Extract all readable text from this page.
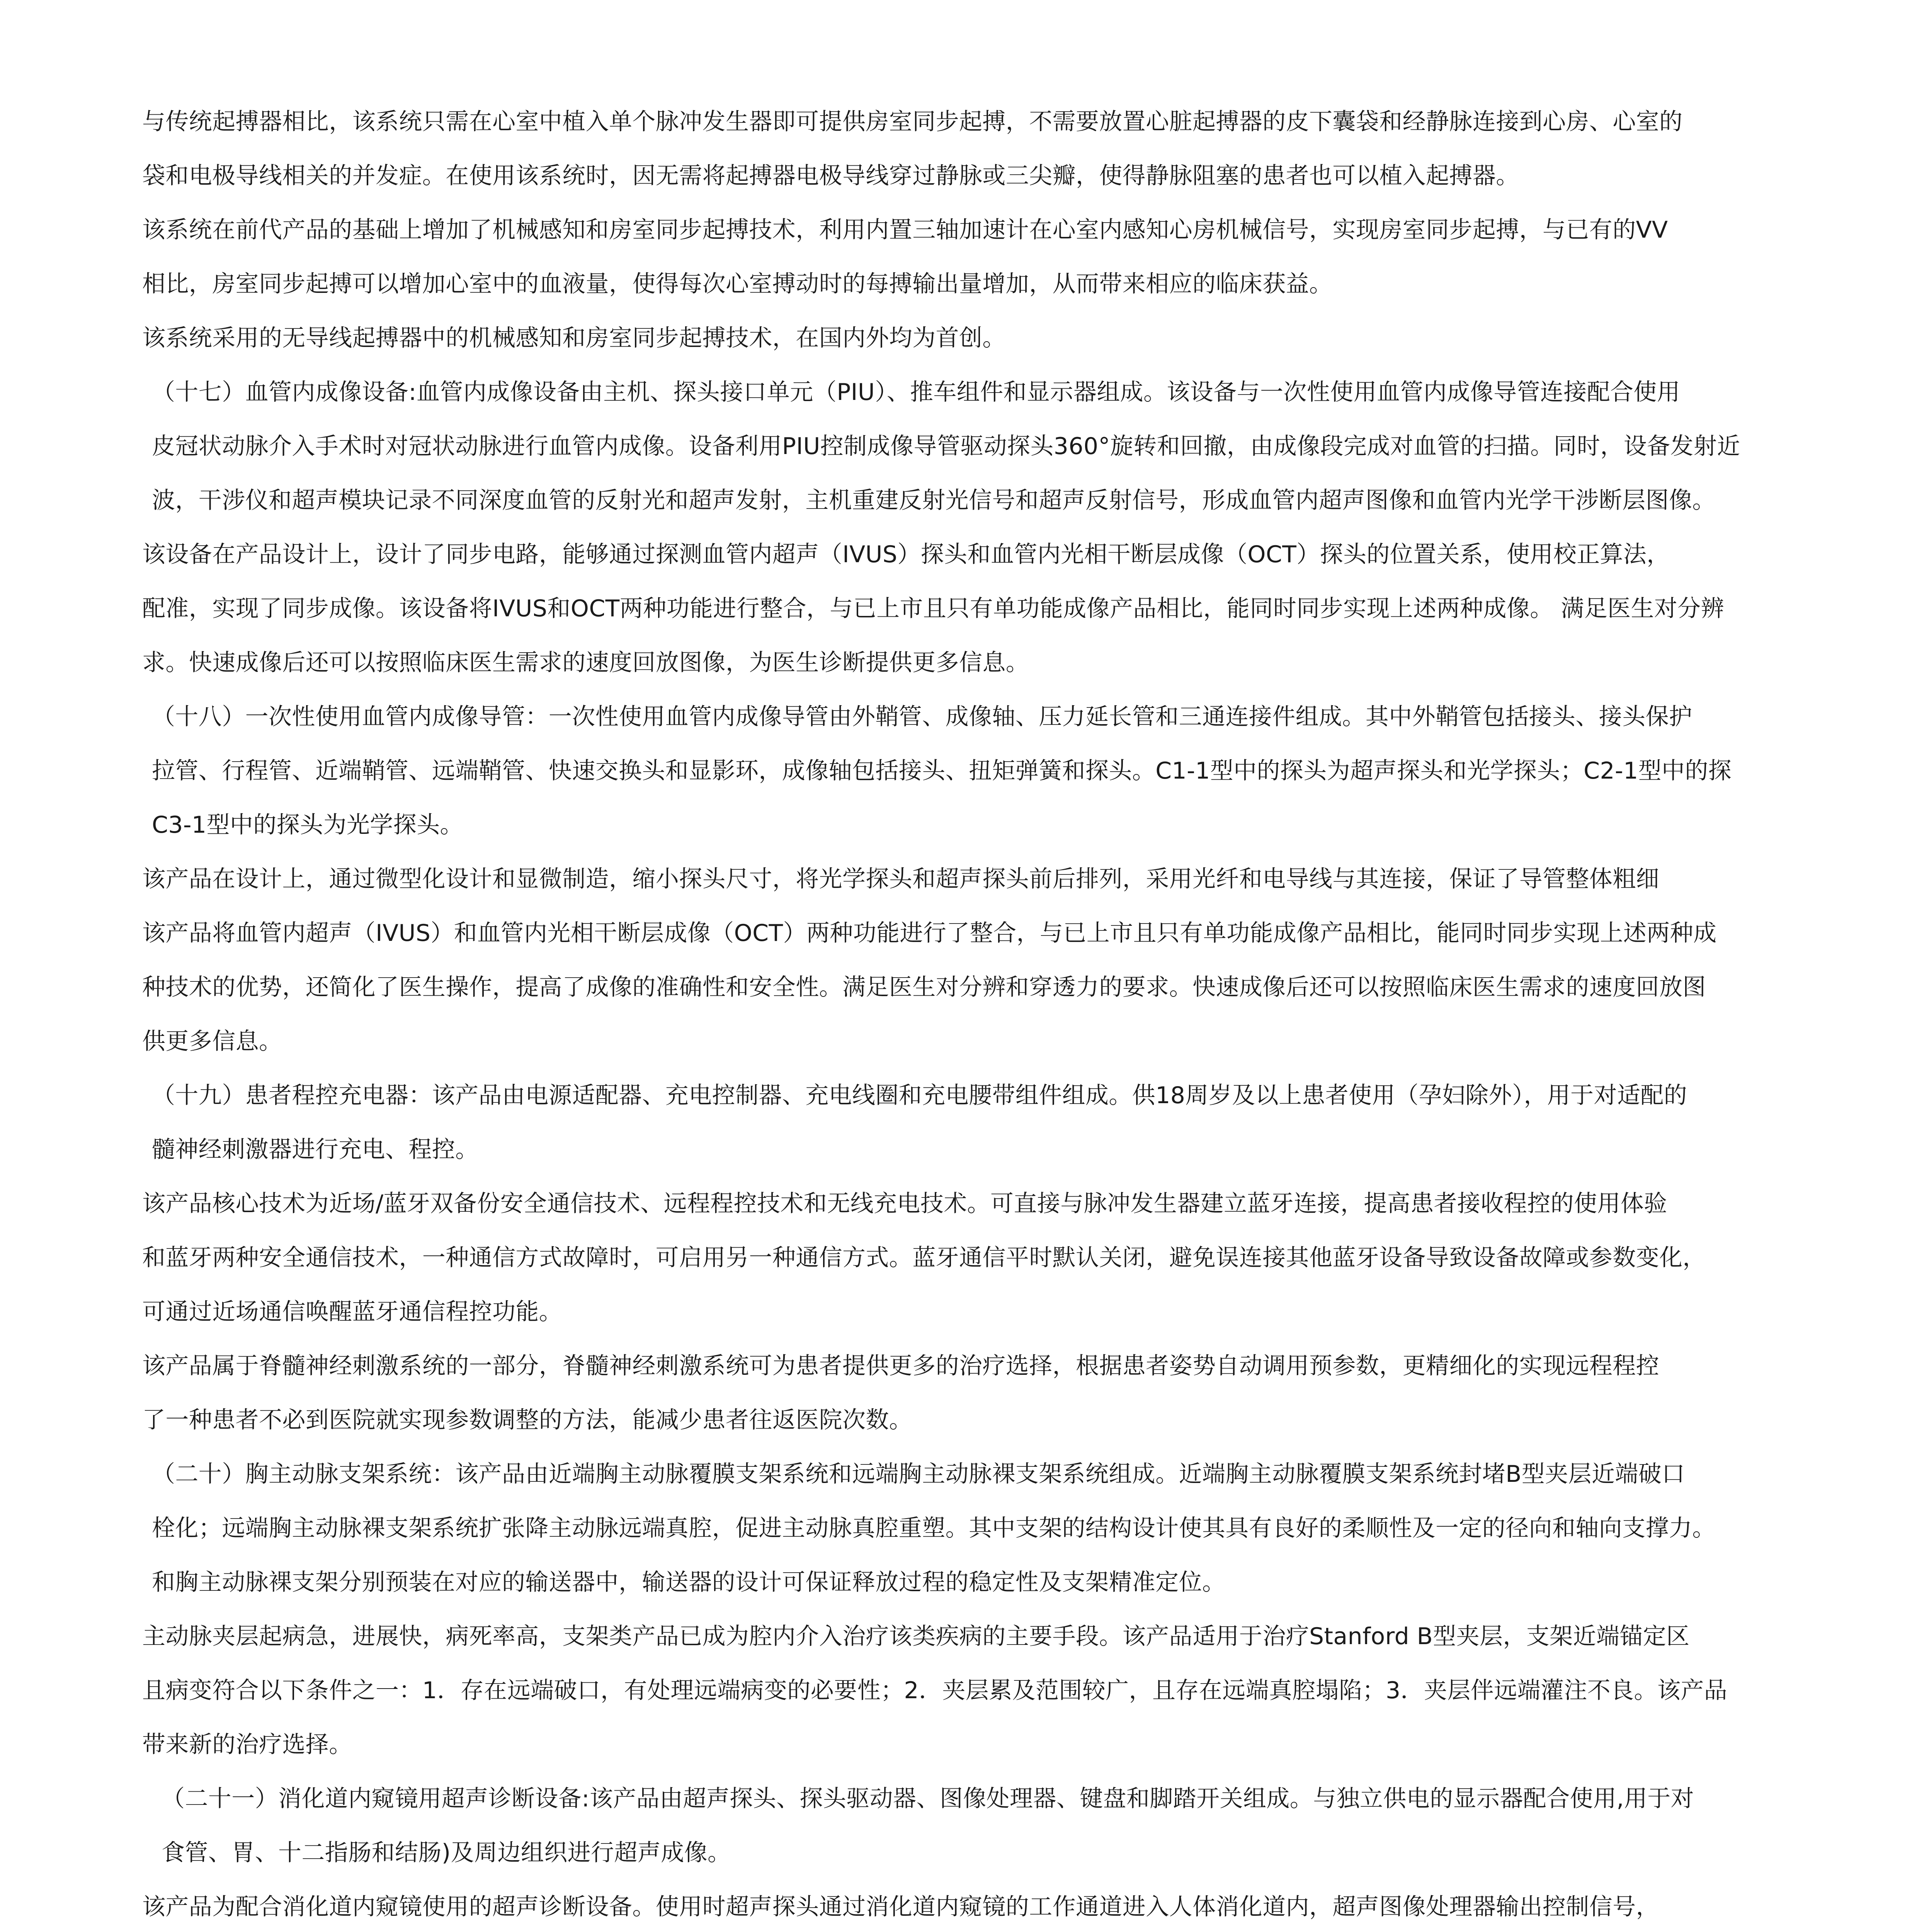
与传统起搏器相比，该系统只需在心室中植入单个脉冲发生器即可提供房室同步起搏，不需要放置心脏起搏器的皮下囊袋和经静脉连接到心房、心室的
袋和电极导线相关的并发症。在使用该系统时，因无需将起搏器电极导线穿过静脉或三尖瓣，使得静脉阻塞的患者也可以植入起搏器。
该系统在前代产品的基础上增加了机械感知和房室同步起搏技术，利用内置三轴加速计在心室内感知心房机械信号，实现房室同步起搏，与已有的VV
相比，房室同步起搏可以增加心室中的血液量，使得每次心室搏动时的每搏输出量增加，从而带来相应的临床获益。
该系统采用的无导线起搏器中的机械感知和房室同步起搏技术，在国内外均为首创。
（十七）血管内成像设备:血管内成像设备由主机、探头接口单元（PIU）、推车组件和显示器组成。该设备与一次性使用血管内成像导管连接配合使用
皮冠状动脉介入手术时对冠状动脉进行血管内成像。设备利用PIU控制成像导管驱动探头360°旋转和回撤，由成像段完成对血管的扫描。同时，设备发射近
波，干涉仪和超声模块记录不同深度血管的反射光和超声发射，主机重建反射光信号和超声反射信号，形成血管内超声图像和血管内光学干涉断层图像。
该设备在产品设计上，设计了同步电路，能够通过探测血管内超声（IVUS）探头和血管内光相干断层成像（OCT）探头的位置关系，使用校正算法，
配准，实现了同步成像。该设备将IVUS和OCT两种功能进行整合，与已上市且只有单功能成像产品相比，能同时同步实现上述两种成像。 满足医生对分辨
求。快速成像后还可以按照临床医生需求的速度回放图像，为医生诊断提供更多信息。
（十八）一次性使用血管内成像导管：一次性使用血管内成像导管由外鞘管、成像轴、压力延长管和三通连接件组成。其中外鞘管包括接头、接头保护
拉管、行程管、近端鞘管、远端鞘管、快速交换头和显影环，成像轴包括接头、扭矩弹簧和探头。C1-1型中的探头为超声探头和光学探头；C2-1型中的探
C3-1型中的探头为光学探头。
该产品在设计上，通过微型化设计和显微制造，缩小探头尺寸，将光学探头和超声探头前后排列，采用光纤和电导线与其连接，保证了导管整体粗细
该产品将血管内超声（IVUS）和血管内光相干断层成像（OCT）两种功能进行了整合，与已上市且只有单功能成像产品相比，能同时同步实现上述两种成
种技术的优势，还简化了医生操作，提高了成像的准确性和安全性。满足医生对分辨和穿透力的要求。快速成像后还可以按照临床医生需求的速度回放图
供更多信息。
（十九）患者程控充电器：该产品由电源适配器、充电控制器、充电线圈和充电腰带组件组成。供18周岁及以上患者使用（孕妇除外），用于对适配的
髓神经刺激器进行充电、程控。
该产品核心技术为近场/蓝牙双备份安全通信技术、远程程控技术和无线充电技术。可直接与脉冲发生器建立蓝牙连接，提高患者接收程控的使用体验
和蓝牙两种安全通信技术，一种通信方式故障时，可启用另一种通信方式。蓝牙通信平时默认关闭，避免误连接其他蓝牙设备导致设备故障或参数变化，
可通过近场通信唤醒蓝牙通信程控功能。
该产品属于脊髓神经刺激系统的一部分，脊髓神经刺激系统可为患者提供更多的治疗选择，根据患者姿势自动调用预参数，更精细化的实现远程程控
了一种患者不必到医院就实现参数调整的方法，能减少患者往返医院次数。
（二十）胸主动脉支架系统：该产品由近端胸主动脉覆膜支架系统和远端胸主动脉裸支架系统组成。近端胸主动脉覆膜支架系统封堵B型夹层近端破口
栓化；远端胸主动脉裸支架系统扩张降主动脉远端真腔，促进主动脉真腔重塑。其中支架的结构设计使其具有良好的柔顺性及一定的径向和轴向支撑力。
和胸主动脉裸支架分别预装在对应的输送器中，输送器的设计可保证释放过程的稳定性及支架精准定位。
主动脉夹层起病急，进展快，病死率高，支架类产品已成为腔内介入治疗该类疾病的主要手段。该产品适用于治疗Stanford B型夹层，支架近端锚定区
且病变符合以下条件之一：1．存在远端破口，有处理远端病变的必要性；2．夹层累及范围较广，且存在远端真腔塌陷；3．夹层伴远端灌注不良。该产品
带来新的治疗选择。
（二十一）消化道内窥镜用超声诊断设备:该产品由超声探头、探头驱动器、图像处理器、键盘和脚踏开关组成。与独立供电的显示器配合使用,用于对
食管、胃、十二指肠和结肠)及周边组织进行超声成像。
该产品为配合消化道内窥镜使用的超声诊断设备。使用时超声探头通过消化道内窥镜的工作通道进入人体消化道内，超声图像处理器输出控制信号，
